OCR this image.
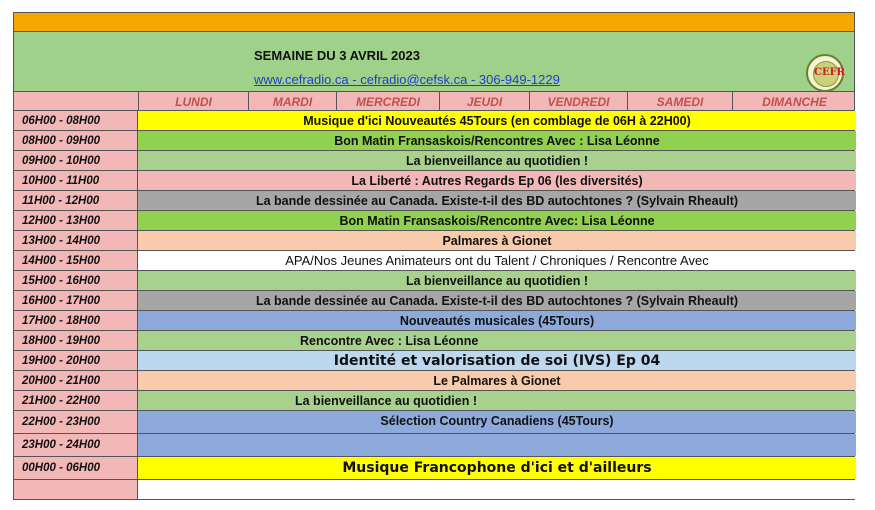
SEMAINE DU 3 AVRIL 2023
www.cefradio.ca - cefradio@cefsk.ca - 306-949-1229	CEFR
LUNDI	MARDI	MERCREDI	JEUDI	VENDREDI	SAMEDI	DIMANCHE
06H00 - 08H00	Musique d'ici Nouveautés 45Tours (en comblage de 06H à 22H00)
08H00 - 09H00	Bon Matin Fransaskois/Rencontres Avec : Lisa Léonne
09H00 - 10H00	La bienveillance au quotidien !
10H00 - 11H00	La Liberté : Autres Regards Ep 06 (les diversités)
11H00 - 12H00	La bande dessinée au Canada. Existe-t-il des BD autochtones ? (Sylvain Rheault)
12H00 - 13H00	Bon Matin Fransaskois/Rencontre Avec: Lisa Léonne
13H00 - 14H00	Palmares à Gionet
14H00 - 15H00	APA/Nos Jeunes Animateurs ont du Talent / Chroniques / Rencontre Avec
15H00 - 16H00	La bienveillance au quotidien !
16H00 - 17H00	La bande dessinée au Canada. Existe-t-il des BD autochtones ? (Sylvain Rheault)
17H00 - 18H00	Nouveautés musicales (45Tours)
18H00 - 19H00	Rencontre Avec : Lisa Léonne
19H00 - 20H00	Identité et valorisation de soi (IVS) Ep 04
20H00 - 21H00	Le Palmares à Gionet
21H00 - 22H00	La bienveillance au quotidien !
22H00 - 23H00	Sélection Country Canadiens (45Tours)
23H00 - 24H00
00H00 - 06H00	Musique Francophone d'ici et d'ailleurs
